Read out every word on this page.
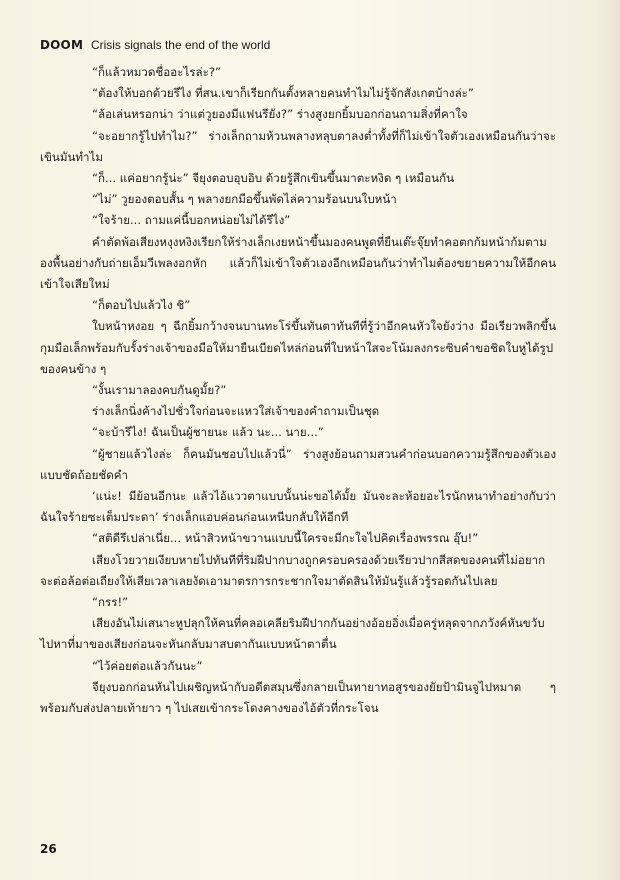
DOOM Crisis signals the end of the world

“ก็แล้วหมวดชื่ออะไรล่ะ?”

“ต้องให้บอกด้วยรึไง ที่สน.เขาก็เรียกกันตั้งหลายคนทำไมไม่รู้จักสังเกตบ้างล่ะ”

“ล้อเล่นหรอกน่า ว่าแต่วูยองมีแฟนรึยัง?” ร่างสูงยกยิ้มบอกก่อนถามสิ่งที่คาใจ

“จะอยากรู้ไปทำไม?” ร่างเล็กถามห้วนพลางหลุบตาลงต่ำทั้งที่ก็ไม่เข้าใจตัวเองเหมือนกันว่าจะเขินมันทำไม

“ก็... แค่อยากรู้น่ะ” จียุงตอบอุบอิบ ด้วยรู้สึกเขินขึ้นมาตะหงิด ๆ เหมือนกัน

“ไม่” วูยองตอบสั้น ๆ พลางยกมือขึ้นพัดไล่ความร้อนบนใบหน้า

“ใจร้าย... ถามแค่นี้บอกหน่อยไม่ได้รึไง”

คำตัดพ้อเสียงหงุงหงิงเรียกให้ร่างเล็กเงยหน้าขึ้นมองคนพูดที่ยืนเต๊ะจุ๊ยทำคอตกก้มหน้าก้มตามองพื้นอย่างกับถ่ายเอ็มวีเพลงอกหัก แล้วก็ไม่เข้าใจตัวเองอีกเหมือนกันว่าทำไมต้องขยายความให้อีกคนเข้าใจเสียใหม่

“ก็ตอบไปแล้วไง ชิ”

ใบหน้าหงอย ๆ ฉีกยิ้มกว้างจนบานทะโร่ขึ้นทันตาทันทีที่รู้ว่าอีกคนหัวใจยังว่าง มือเรียวพลิกขึ้นกุมมือเล็กพร้อมกับรั้งร่างเจ้าของมือให้มายืนเบียดไหล่ก่อนที่ใบหน้าใสจะโน้มลงกระซิบคำขอชิดใบหูได้รูปของคนข้าง ๆ

“งั้นเรามาลองคบกันดูมั้ย?”

ร่างเล็กนิ่งค้างไปชั่วใจก่อนจะแหวใส่เจ้าของคำถามเป็นชุด

“จะบ้ารึไง! ฉันเป็นผู้ชายนะ แล้ว นะ... นาย...”

“ผู้ชายแล้วไงล่ะ ก็คนมันชอบไปแล้วนี่” ร่างสูงย้อนถามสวนคำก่อนบอกความรู้สึกของตัวเองแบบชัดถ้อยชัดคำ

‘แน่ะ! มีย้อนอีกนะ แล้วไอ้แววตาแบบนั้นน่ะขอได้มั้ย มันจะละห้อยอะไรนักหนาทำอย่างกับว่าฉันใจร้ายซะเต็มประดา’ ร่างเล็กแอบค่อนก่อนเหนีบกลับให้อีกที

“สติดีรึเปล่าเนี่ย... หน้าสิวหน้าขวานแบบนี้ใครจะมีกะใจไปคิดเรื่องพรรณ อุ๊บ!”

เสียงโวยวายเงียบหายไปทันทีที่ริมฝีปากบางถูกครอบครองด้วยเรียวปากสีสดของคนที่ไม่อยากจะต่อล้อต่อเถียงให้เสียเวลาเลยงัดเอามาตรการกระชากใจมาตัดสินให้มันรู้แล้วรู้รอดกันไปเลย

“กรร!”

เสียงอันไม่เสนาะหูปลุกให้คนที่คลอเคลียริมฝีปากกันอย่างอ้อยอิ่งเมื่อครู่หลุดจากภวังค์หันขวับไปหาที่มาของเสียงก่อนจะหันกลับมาสบตากันแบบหน้าตาตื่น

“ไว้ค่อยต่อแล้วกันนะ”

จียุงบอกก่อนหันไปเผชิญหน้ากับอดีตสมุนซึ่งกลายเป็นทายาทอสูรของยัยป้ามินจูไปหมาด ๆ พร้อมกับส่งปลายเท้ายาว ๆ ไปเสยเข้ากระโดงคางของไอ้ตัวที่กระโจน

26
